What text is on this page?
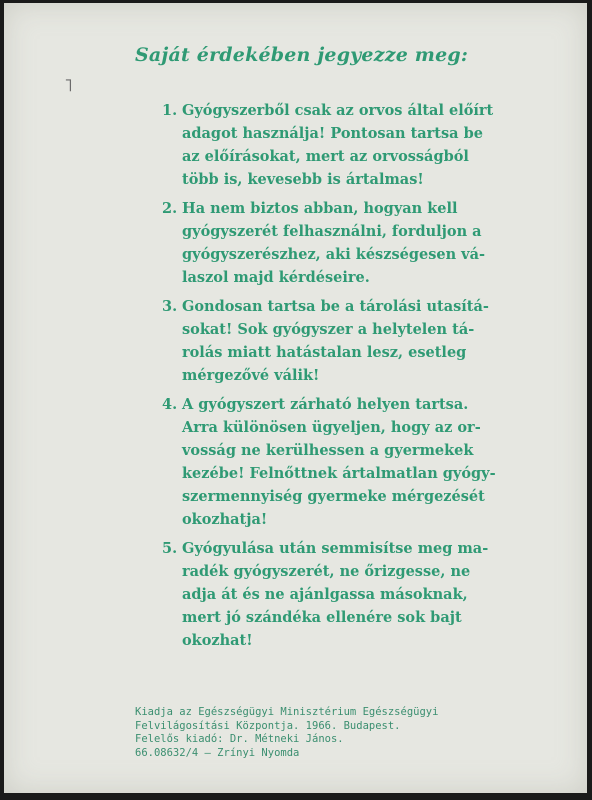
˥
Saját érdekében jegyezze meg:
1. Gyógyszerből csak az orvos által előírt
adagot használja! Pontosan tartsa be
az előírásokat, mert az orvosságból
több is, kevesebb is ártalmas!
2. Ha nem biztos abban, hogyan kell
gyógyszerét felhasználni, forduljon a
gyógyszerészhez, aki készségesen vá-
laszol majd kérdéseire.
3. Gondosan tartsa be a tárolási utasítá-
sokat! Sok gyógyszer a helytelen tá-
rolás miatt hatástalan lesz, esetleg
mérgezővé válik!
4. A gyógyszert zárható helyen tartsa.
Arra különösen ügyeljen, hogy az or-
vosság ne kerülhessen a gyermekek
kezébe! Felnőttnek ártalmatlan gyógy-
szermennyiség gyermeke mérgezését
okozhatja!
5. Gyógyulása után semmisítse meg ma-
radék gyógyszerét, ne őrizgesse, ne
adja át és ne ajánlgassa másoknak,
mert jó szándéka ellenére sok bajt
okozhat!
Kiadja az Egészségügyi Minisztérium Egészségügyi
Felvilágosítási Központja. 1966. Budapest.
Felelős kiadó: Dr. Métneki János.
66.08632/4 — Zrínyi Nyomda
